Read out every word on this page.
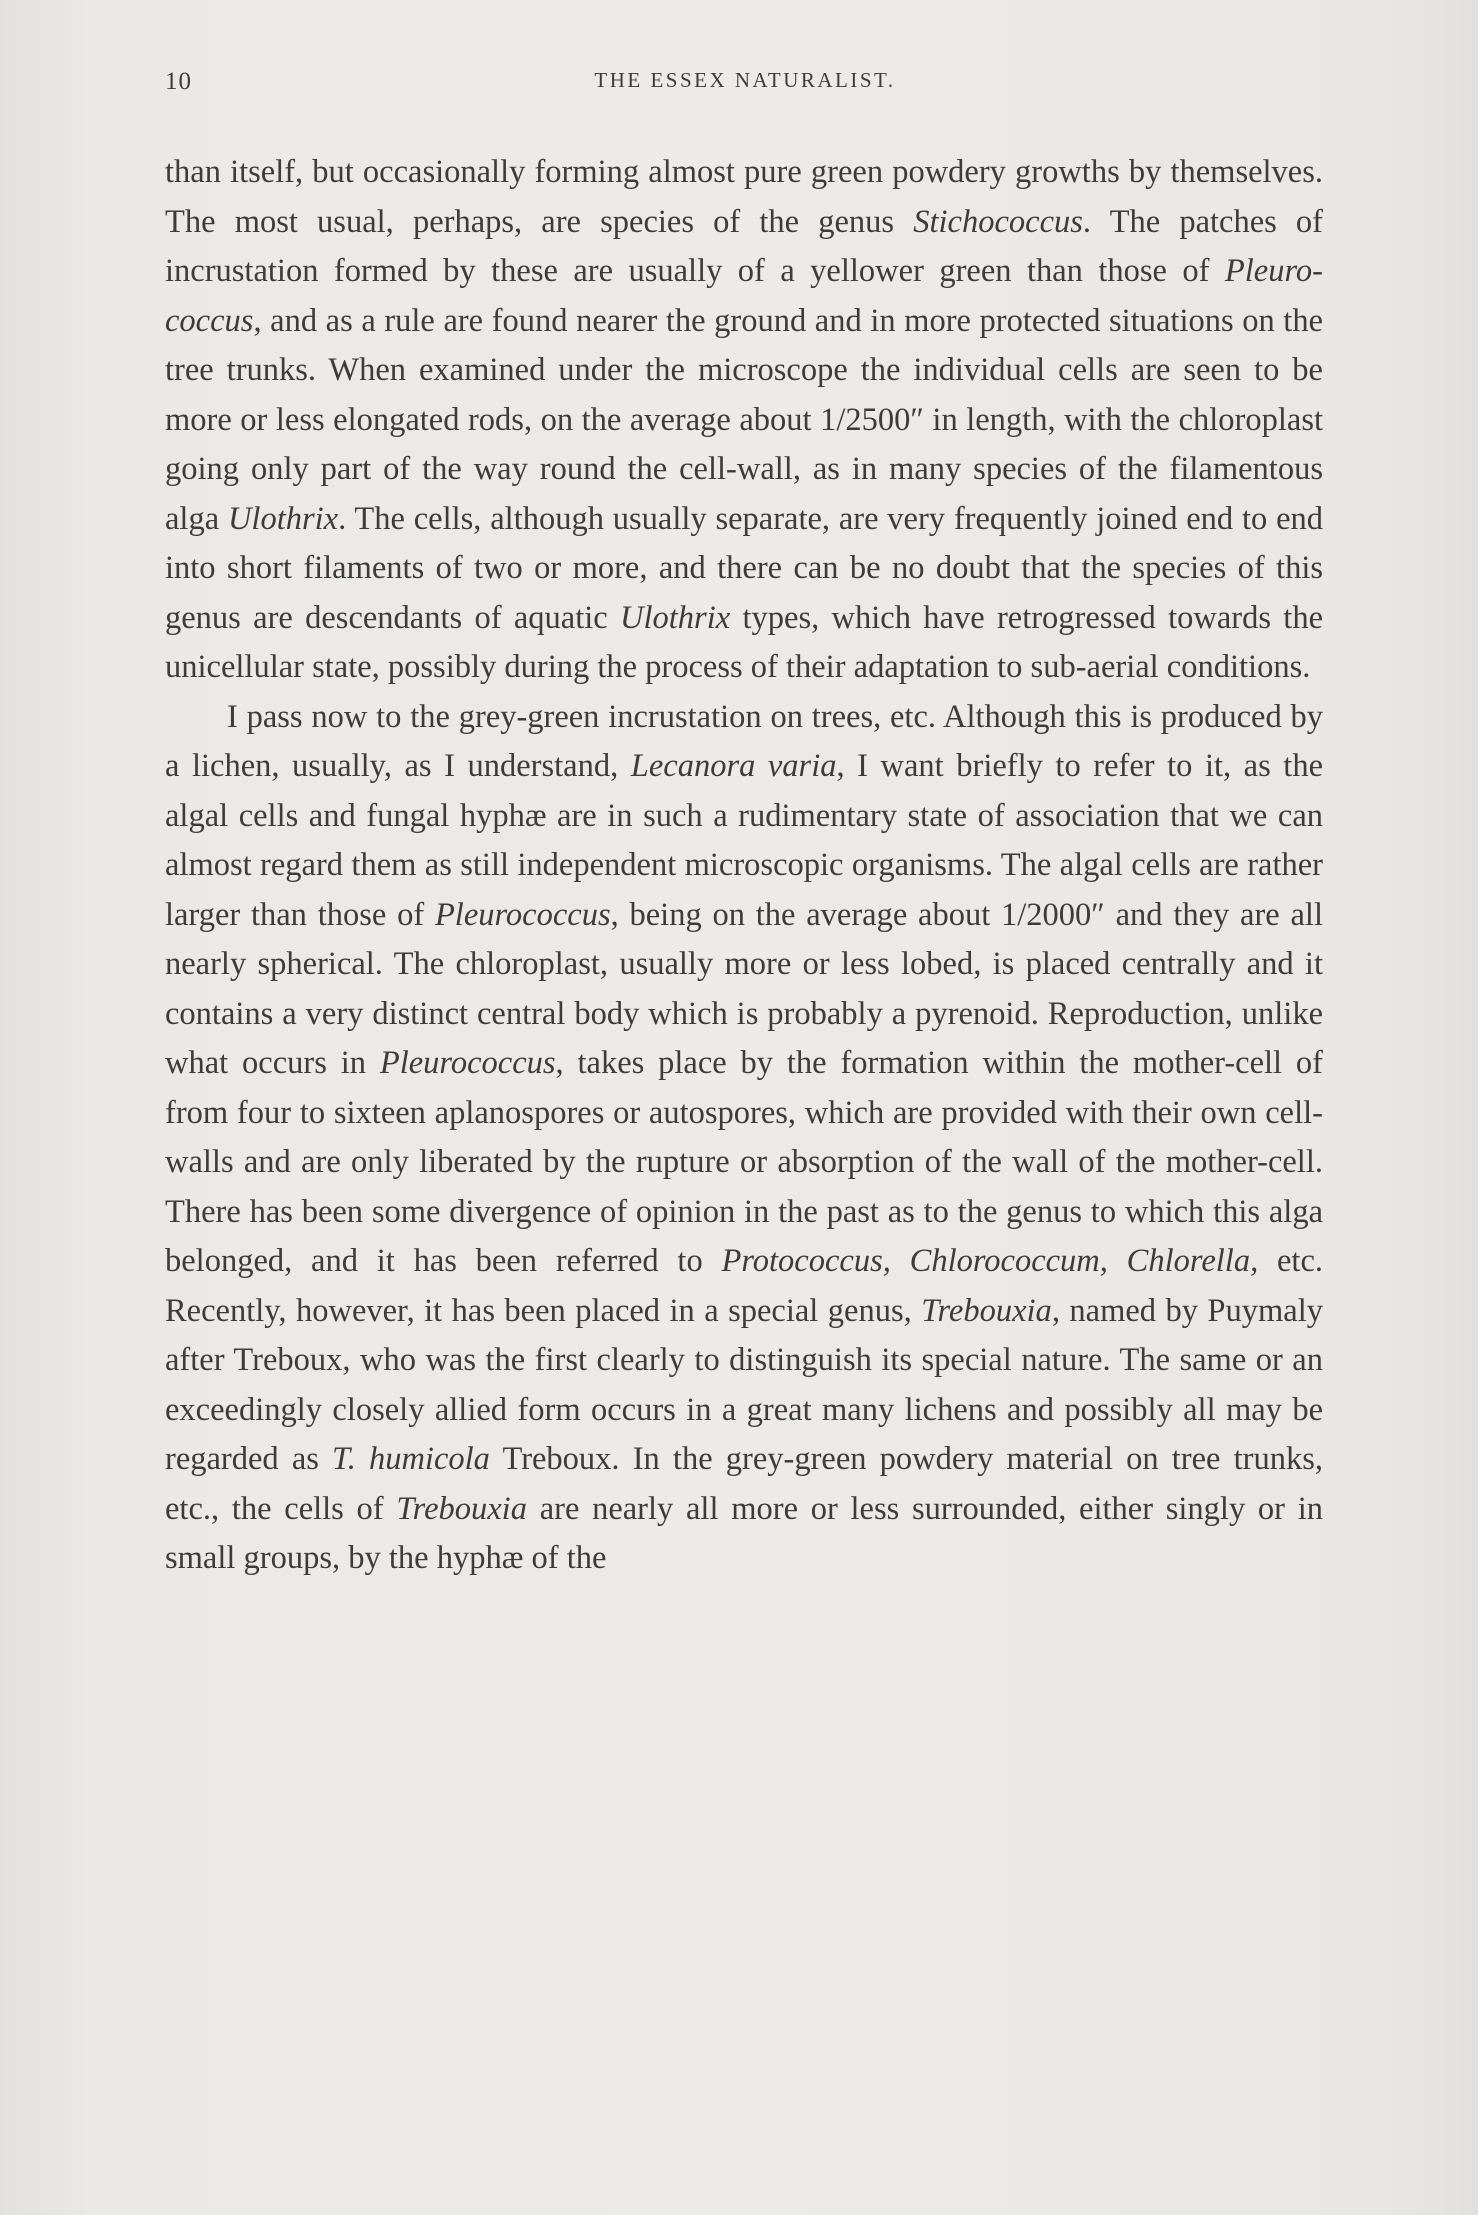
10	THE ESSEX NATURALIST.

than itself, but occasionally forming almost pure green powdery growths by themselves. The most usual, perhaps, are species of the genus Stichococcus. The patches of incrustation formed by these are usually of a yellower green than those of Pleuro-coccus, and as a rule are found nearer the ground and in more protected situations on the tree trunks. When examined under the microscope the individual cells are seen to be more or less elongated rods, on the average about 1/2500″ in length, with the chloroplast going only part of the way round the cell-wall, as in many species of the filamentous alga Ulothrix. The cells, although usually separate, are very frequently joined end to end into short filaments of two or more, and there can be no doubt that the species of this genus are descendants of aquatic Ulothrix types, which have retrogressed towards the unicellular state, possibly during the process of their adaptation to sub-aerial conditions.

I pass now to the grey-green incrustation on trees, etc. Although this is produced by a lichen, usually, as I understand, Lecanora varia, I want briefly to refer to it, as the algal cells and fungal hyphæ are in such a rudimentary state of association that we can almost regard them as still independent microscopic organisms. The algal cells are rather larger than those of Pleurococcus, being on the average about 1/2000″ and they are all nearly spherical. The chloroplast, usually more or less lobed, is placed centrally and it contains a very distinct central body which is probably a pyrenoid. Reproduction, unlike what occurs in Pleurococcus, takes place by the formation within the mother-cell of from four to sixteen aplanospores or autospores, which are provided with their own cell-walls and are only liberated by the rupture or absorption of the wall of the mother-cell. There has been some divergence of opinion in the past as to the genus to which this alga belonged, and it has been referred to Protococcus, Chlorococcum, Chlorella, etc. Recently, however, it has been placed in a special genus, Trebouxia, named by Puymaly after Treboux, who was the first clearly to distinguish its special nature. The same or an exceedingly closely allied form occurs in a great many lichens and possibly all may be regarded as T. humicola Treboux. In the grey-green powdery material on tree trunks, etc., the cells of Trebouxia are nearly all more or less surrounded, either singly or in small groups, by the hyphæ of the
